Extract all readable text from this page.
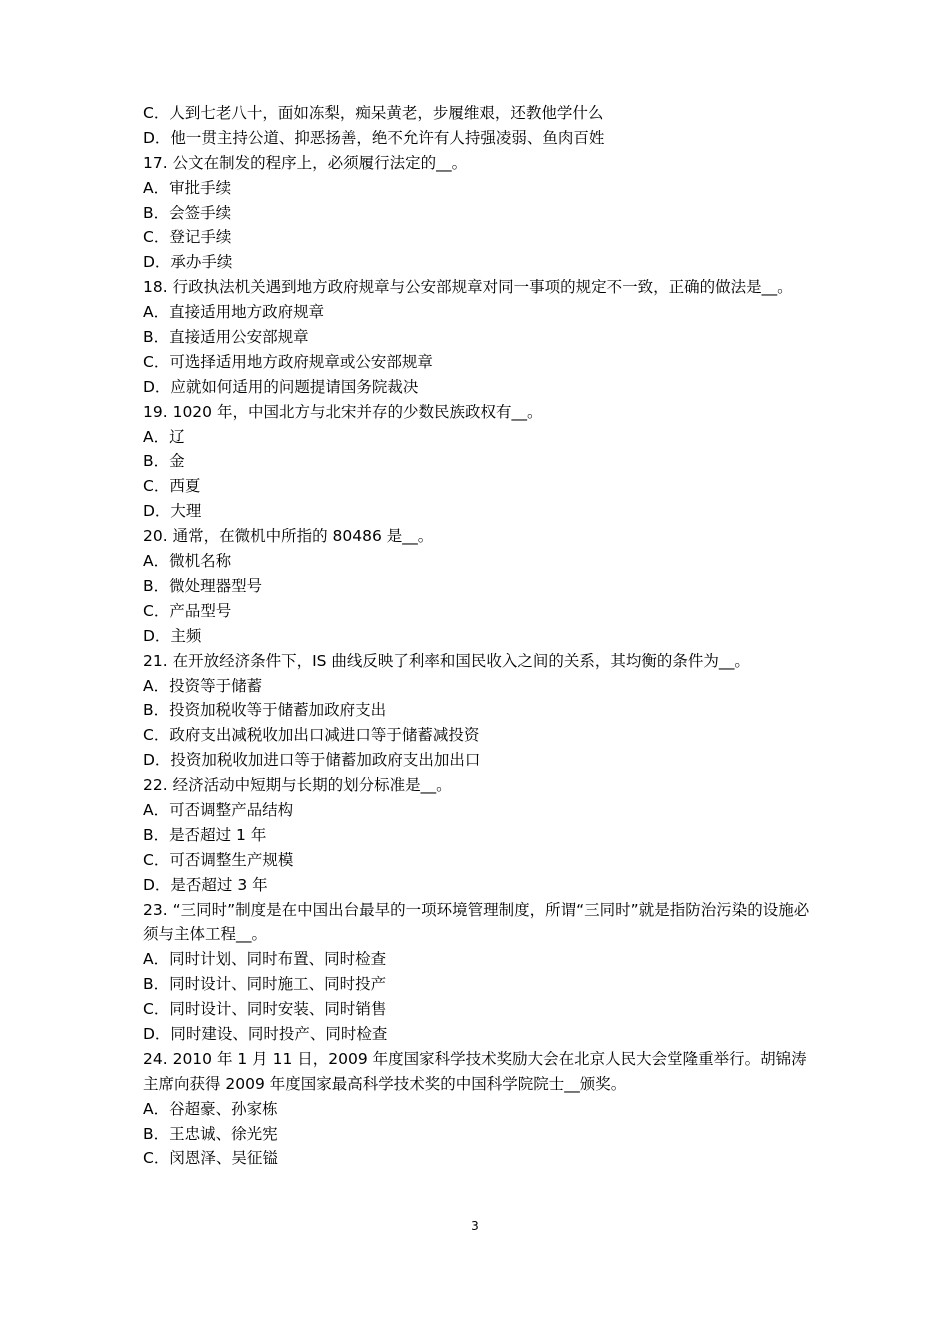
C．人到七老八十，面如冻梨，痴呆黄老，步履维艰，还教他学什么
D．他一贯主持公道、抑恶扬善，绝不允许有人持强凌弱、鱼肉百姓
17. 公文在制发的程序上，必须履行法定的__。
A．审批手续
B．会签手续
C．登记手续
D．承办手续
18. 行政执法机关遇到地方政府规章与公安部规章对同一事项的规定不一致，正确的做法是__。
A．直接适用地方政府规章
B．直接适用公安部规章
C．可选择适用地方政府规章或公安部规章
D．应就如何适用的问题提请国务院裁决
19. 1020 年，中国北方与北宋并存的少数民族政权有__。
A．辽
B．金
C．西夏
D．大理
20. 通常，在微机中所指的 80486 是__。
A．微机名称
B．微处理器型号
C．产品型号
D．主频
21. 在开放经济条件下，IS 曲线反映了利率和国民收入之间的关系，其均衡的条件为__。
A．投资等于储蓄
B．投资加税收等于储蓄加政府支出
C．政府支出减税收加出口减进口等于储蓄减投资
D．投资加税收加进口等于储蓄加政府支出加出口
22. 经济活动中短期与长期的划分标准是__。
A．可否调整产品结构
B．是否超过 1 年
C．可否调整生产规模
D．是否超过 3 年
23. “三同时”制度是在中国出台最早的一项环境管理制度，所谓“三同时”就是指防治污染的设施必须与主体工程__。
A．同时计划、同时布置、同时检查
B．同时设计、同时施工、同时投产
C．同时设计、同时安装、同时销售
D．同时建设、同时投产、同时检查
24. 2010 年 1 月 11 日，2009 年度国家科学技术奖励大会在北京人民大会堂隆重举行。胡锦涛主席向获得 2009 年度国家最高科学技术奖的中国科学院院士__颁奖。
A．谷超豪、孙家栋
B．王忠诚、徐光宪
C．闵恩泽、吴征镒
3
